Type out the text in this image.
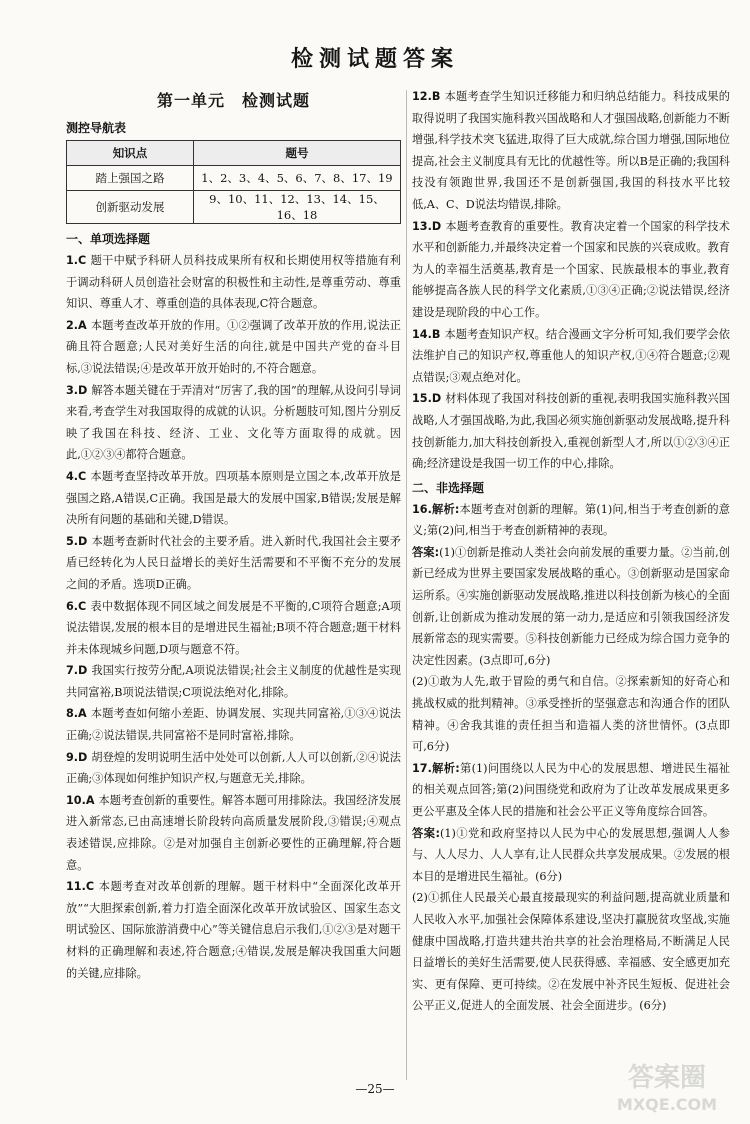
检测试题答案
第一单元　检测试题
测控导航表
知识点	题号
踏上强国之路	1、2、3、4、5、6、7、8、17、19
创新驱动发展	9、10、11、12、13、14、15、16、18
一、单项选择题

1.C 题干中赋予科研人员科技成果所有权和长期使用权等措施有利于调动科研人员创造社会财富的积极性和主动性,是尊重劳动、尊重知识、尊重人才、尊重创造的具体表现,C符合题意。

2.A 本题考查改革开放的作用。①②强调了改革开放的作用,说法正确且符合题意;人民对美好生活的向往,就是中国共产党的奋斗目标,③说法错误;④是改革开放开始时的,不符合题意。

3.D 解答本题关键在于弄清对“厉害了,我的国”的理解,从设问引导词来看,考查学生对我国取得的成就的认识。分析题肢可知,图片分别反映了我国在科技、经济、工业、文化等方面取得的成就。因此,①②③④都符合题意。

4.C 本题考查坚持改革开放。四项基本原则是立国之本,改革开放是强国之路,A错误,C正确。我国是最大的发展中国家,B错误;发展是解决所有问题的基础和关键,D错误。

5.D 本题考查新时代社会的主要矛盾。进入新时代,我国社会主要矛盾已经转化为人民日益增长的美好生活需要和不平衡不充分的发展之间的矛盾。选项D正确。

6.C 表中数据体现不同区域之间发展是不平衡的,C项符合题意;A项说法错误,发展的根本目的是增进民生福祉;B项不符合题意;题干材料并未体现城乡问题,D项与题意不符。

7.D 我国实行按劳分配,A项说法错误;社会主义制度的优越性是实现共同富裕,B项说法错误;C项说法绝对化,排除。

8.A 本题考查如何缩小差距、协调发展、实现共同富裕,①③④说法正确;②说法错误,共同富裕不是同时富裕,排除。

9.D 胡登煌的发明说明生活中处处可以创新,人人可以创新,②④说法正确;③体现如何维护知识产权,与题意无关,排除。

10.A 本题考查创新的重要性。解答本题可用排除法。我国经济发展进入新常态,已由高速增长阶段转向高质量发展阶段,③错误;④观点表述错误,应排除。②是对加强自主创新必要性的正确理解,符合题意。

11.C 本题考查对改革创新的理解。题干材料中“全面深化改革开放”“大胆探索创新,着力打造全面深化改革开放试验区、国家生态文明试验区、国际旅游消费中心”等关键信息启示我们,①②③是对题干材料的正确理解和表述,符合题意;④错误,发展是解决我国重大问题的关键,应排除。

12.B 本题考查学生知识迁移能力和归纳总结能力。科技成果的取得说明了我国实施科教兴国战略和人才强国战略,创新能力不断增强,科学技术突飞猛进,取得了巨大成就,综合国力增强,国际地位提高,社会主义制度具有无比的优越性等。所以B是正确的;我国科技没有领跑世界,我国还不是创新强国,我国的科技水平比较低,A、C、D说法均错误,排除。

13.D 本题考查教育的重要性。教育决定着一个国家的科学技术水平和创新能力,并最终决定着一个国家和民族的兴衰成败。教育为人的幸福生活奠基,教育是一个国家、民族最根本的事业,教育能够提高各族人民的科学文化素质,①③④正确;②说法错误,经济建设是现阶段的中心工作。

14.B 本题考查知识产权。结合漫画文字分析可知,我们要学会依法维护自己的知识产权,尊重他人的知识产权,①④符合题意;②观点错误;③观点绝对化。

15.D 材料体现了我国对科技创新的重视,表明我国实施科教兴国战略,人才强国战略,为此,我国必须实施创新驱动发展战略,提升科技创新能力,加大科技创新投入,重视创新型人才,所以①②③④正确;经济建设是我国一切工作的中心,排除。

二、非选择题

16.解析:本题考查对创新的理解。第(1)问,相当于考查创新的意义;第(2)问,相当于考查创新精神的表现。
答案:(1)①创新是推动人类社会向前发展的重要力量。②当前,创新已经成为世界主要国家发展战略的重心。③创新驱动是国家命运所系。④实施创新驱动发展战略,推进以科技创新为核心的全面创新,让创新成为推动发展的第一动力,是适应和引领我国经济发展新常态的现实需要。⑤科技创新能力已经成为综合国力竞争的决定性因素。(3点即可,6分)
(2)①敢为人先,敢于冒险的勇气和自信。②探索新知的好奇心和挑战权威的批判精神。③承受挫折的坚强意志和沟通合作的团队精神。④舍我其谁的责任担当和造福人类的济世情怀。(3点即可,6分)

17.解析:第(1)问围绕以人民为中心的发展思想、增进民生福祉的相关观点回答;第(2)问围绕党和政府为了让改革发展成果更多更公平惠及全体人民的措施和社会公平正义等角度综合回答。
答案:(1)①党和政府坚持以人民为中心的发展思想,强调人人参与、人人尽力、人人享有,让人民群众共享发展成果。②发展的根本目的是增进民生福祉。(6分)
(2)①抓住人民最关心最直接最现实的利益问题,提高就业质量和人民收入水平,加强社会保障体系建设,坚决打赢脱贫攻坚战,实施健康中国战略,打造共建共治共享的社会治理格局,不断满足人民日益增长的美好生活需要,使人民获得感、幸福感、安全感更加充实、更有保障、更可持续。②在发展中补齐民生短板、促进社会公平正义,促进人的全面发展、社会全面进步。(6分)

—25—	答案圈
MXQE.COM
